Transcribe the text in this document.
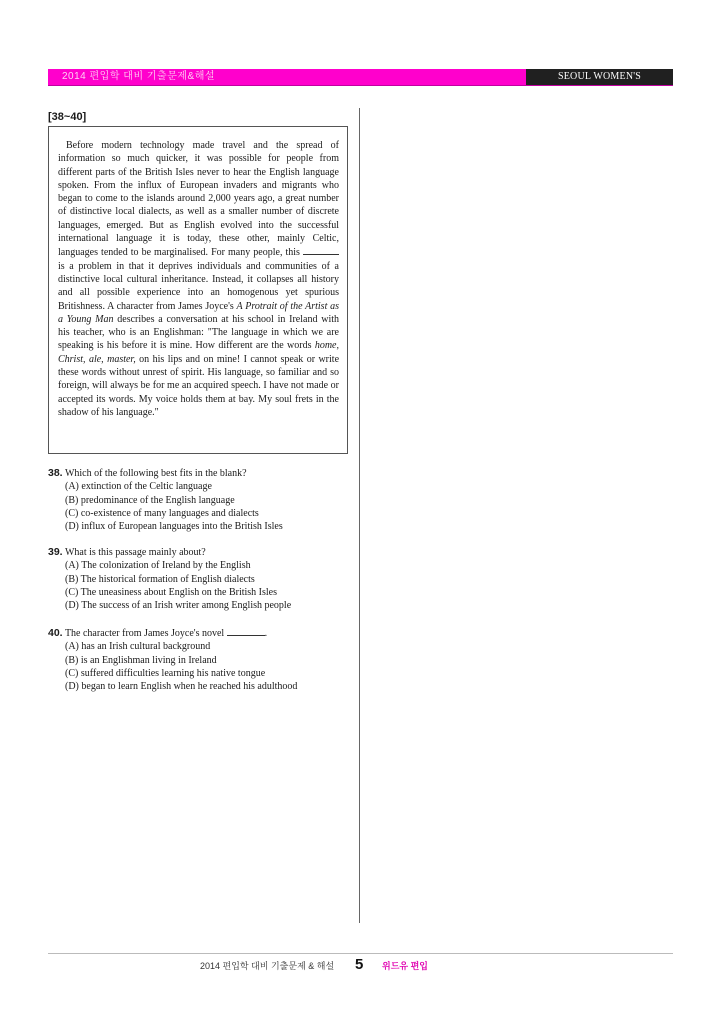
2014 편입학 대비 기출문제&해설	SEOUL WOMEN'S UNIVERSITY
[38~40]

Before modern technology made travel and the spread of information so much quicker, it was possible for people from different parts of the British Isles never to hear the English language spoken. From the influx of European invaders and migrants who began to come to the islands around 2,000 years ago, a great number of distinctive local dialects, as well as a smaller number of discrete languages, emerged. But as English evolved into the successful international language it is today, these other, mainly Celtic, languages tended to be marginalised. For many people, this  is a problem in that it deprives individuals and communities of a distinctive local cultural inheritance. Instead, it collapses all history and all possible experience into an homogenous yet spurious Britishness. A character from James Joyce's A Protrait of the Artist as a Young Man describes a conversation at his school in Ireland with his teacher, who is an Englishman: "The language in which we are speaking is his before it is mine. How different are the words home, Christ, ale, master, on his lips and on mine! I cannot speak or write these words without unrest of spirit. His language, so familiar and so foreign, will always be for me an acquired speech. I have not made or accepted its words. My voice holds them at bay. My soul frets in the shadow of his language."

38. Which of the following best fits in the blank?
(A) extinction of the Celtic language
(B) predominance of the English language
(C) co-existence of many languages and dialects
(D) influx of European languages into the British Isles
39. What is this passage mainly about?
(A) The colonization of Ireland by the English
(B) The historical formation of English dialects
(C) The uneasiness about English on the British Isles
(D) The success of an Irish writer among English people
40. The character from James Joyce's novel	.
(A) has an Irish cultural background
(B) is an Englishman living in Ireland
(C) suffered difficulties learning his native tongue
(D) began to learn English when he reached his adulthood
2014 편입학 대비 기출문제 & 해설 5 위드유 편입
